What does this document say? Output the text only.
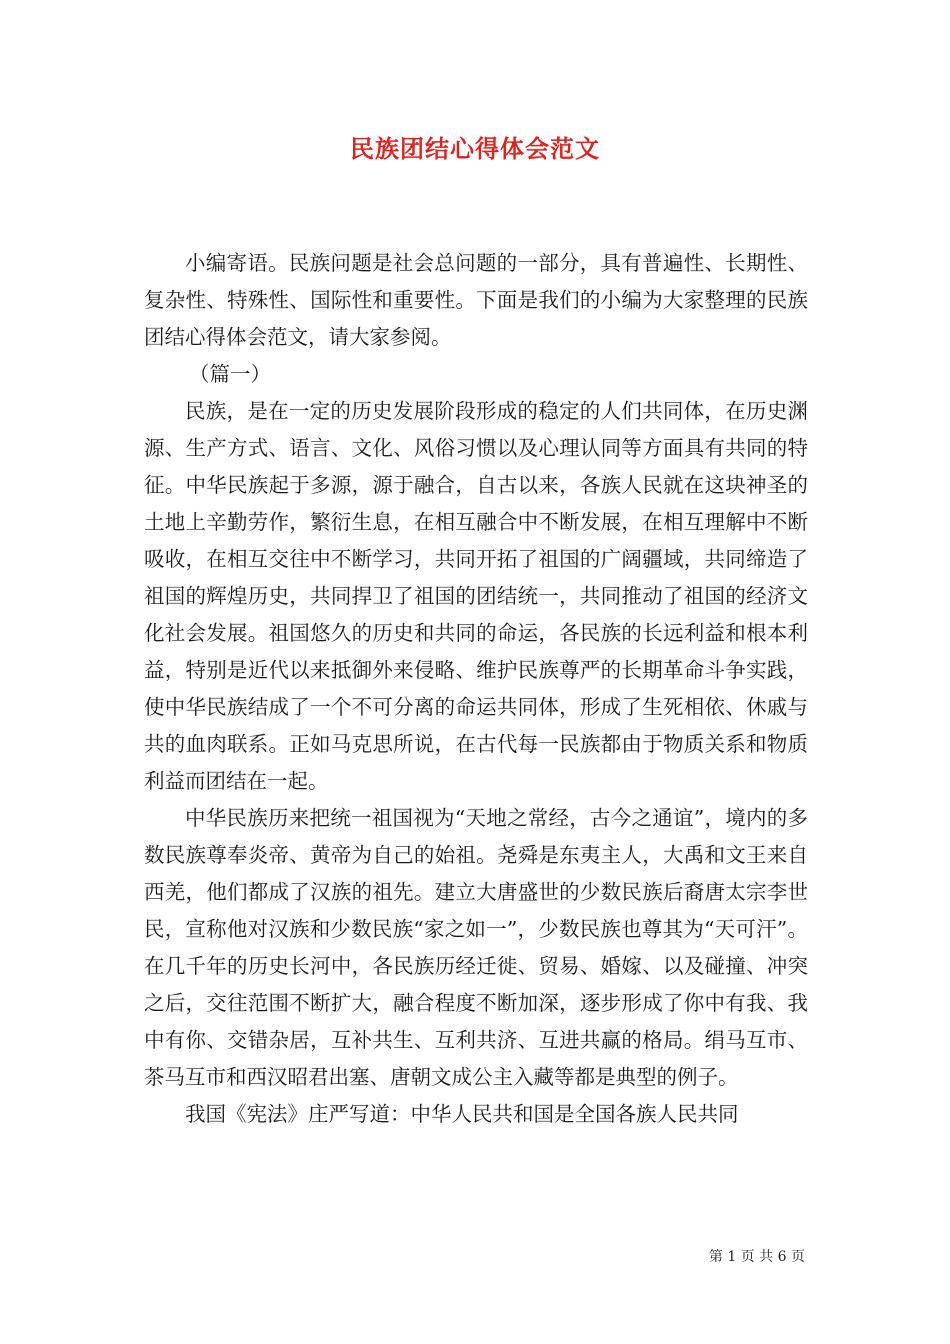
民族团结心得体会范文

小编寄语。民族问题是社会总问题的一部分，具有普遍性、长期性、复杂性、特殊性、国际性和重要性。下面是我们的小编为大家整理的民族团结心得体会范文，请大家参阅。

（篇一）

民族，是在一定的历史发展阶段形成的稳定的人们共同体，在历史渊源、生产方式、语言、文化、风俗习惯以及心理认同等方面具有共同的特征。中华民族起于多源，源于融合，自古以来，各族人民就在这块神圣的土地上辛勤劳作，繁衍生息，在相互融合中不断发展，在相互理解中不断吸收，在相互交往中不断学习，共同开拓了祖国的广阔疆域，共同缔造了祖国的辉煌历史，共同捍卫了祖国的团结统一，共同推动了祖国的经济文化社会发展。祖国悠久的历史和共同的命运，各民族的长远利益和根本利益，特别是近代以来抵御外来侵略、维护民族尊严的长期革命斗争实践，使中华民族结成了一个不可分离的命运共同体，形成了生死相依、休戚与共的血肉联系。正如马克思所说，在古代每一民族都由于物质关系和物质利益而团结在一起。

中华民族历来把统一祖国视为“天地之常经，古今之通谊”，境内的多数民族尊奉炎帝、黄帝为自己的始祖。尧舜是东夷主人，大禹和文王来自西羌，他们都成了汉族的祖先。建立大唐盛世的少数民族后裔唐太宗李世民，宣称他对汉族和少数民族“家之如一”，少数民族也尊其为“天可汗”。在几千年的历史长河中，各民族历经迁徙、贸易、婚嫁、以及碰撞、冲突之后，交往范围不断扩大，融合程度不断加深，逐步形成了你中有我、我中有你、交错杂居，互补共生、互利共济、互进共赢的格局。绢马互市、茶马互市和西汉昭君出塞、唐朝文成公主入藏等都是典型的例子。

我国《宪法》庄严写道：中华人民共和国是全国各族人民共同

第 1 页 共 6 页
